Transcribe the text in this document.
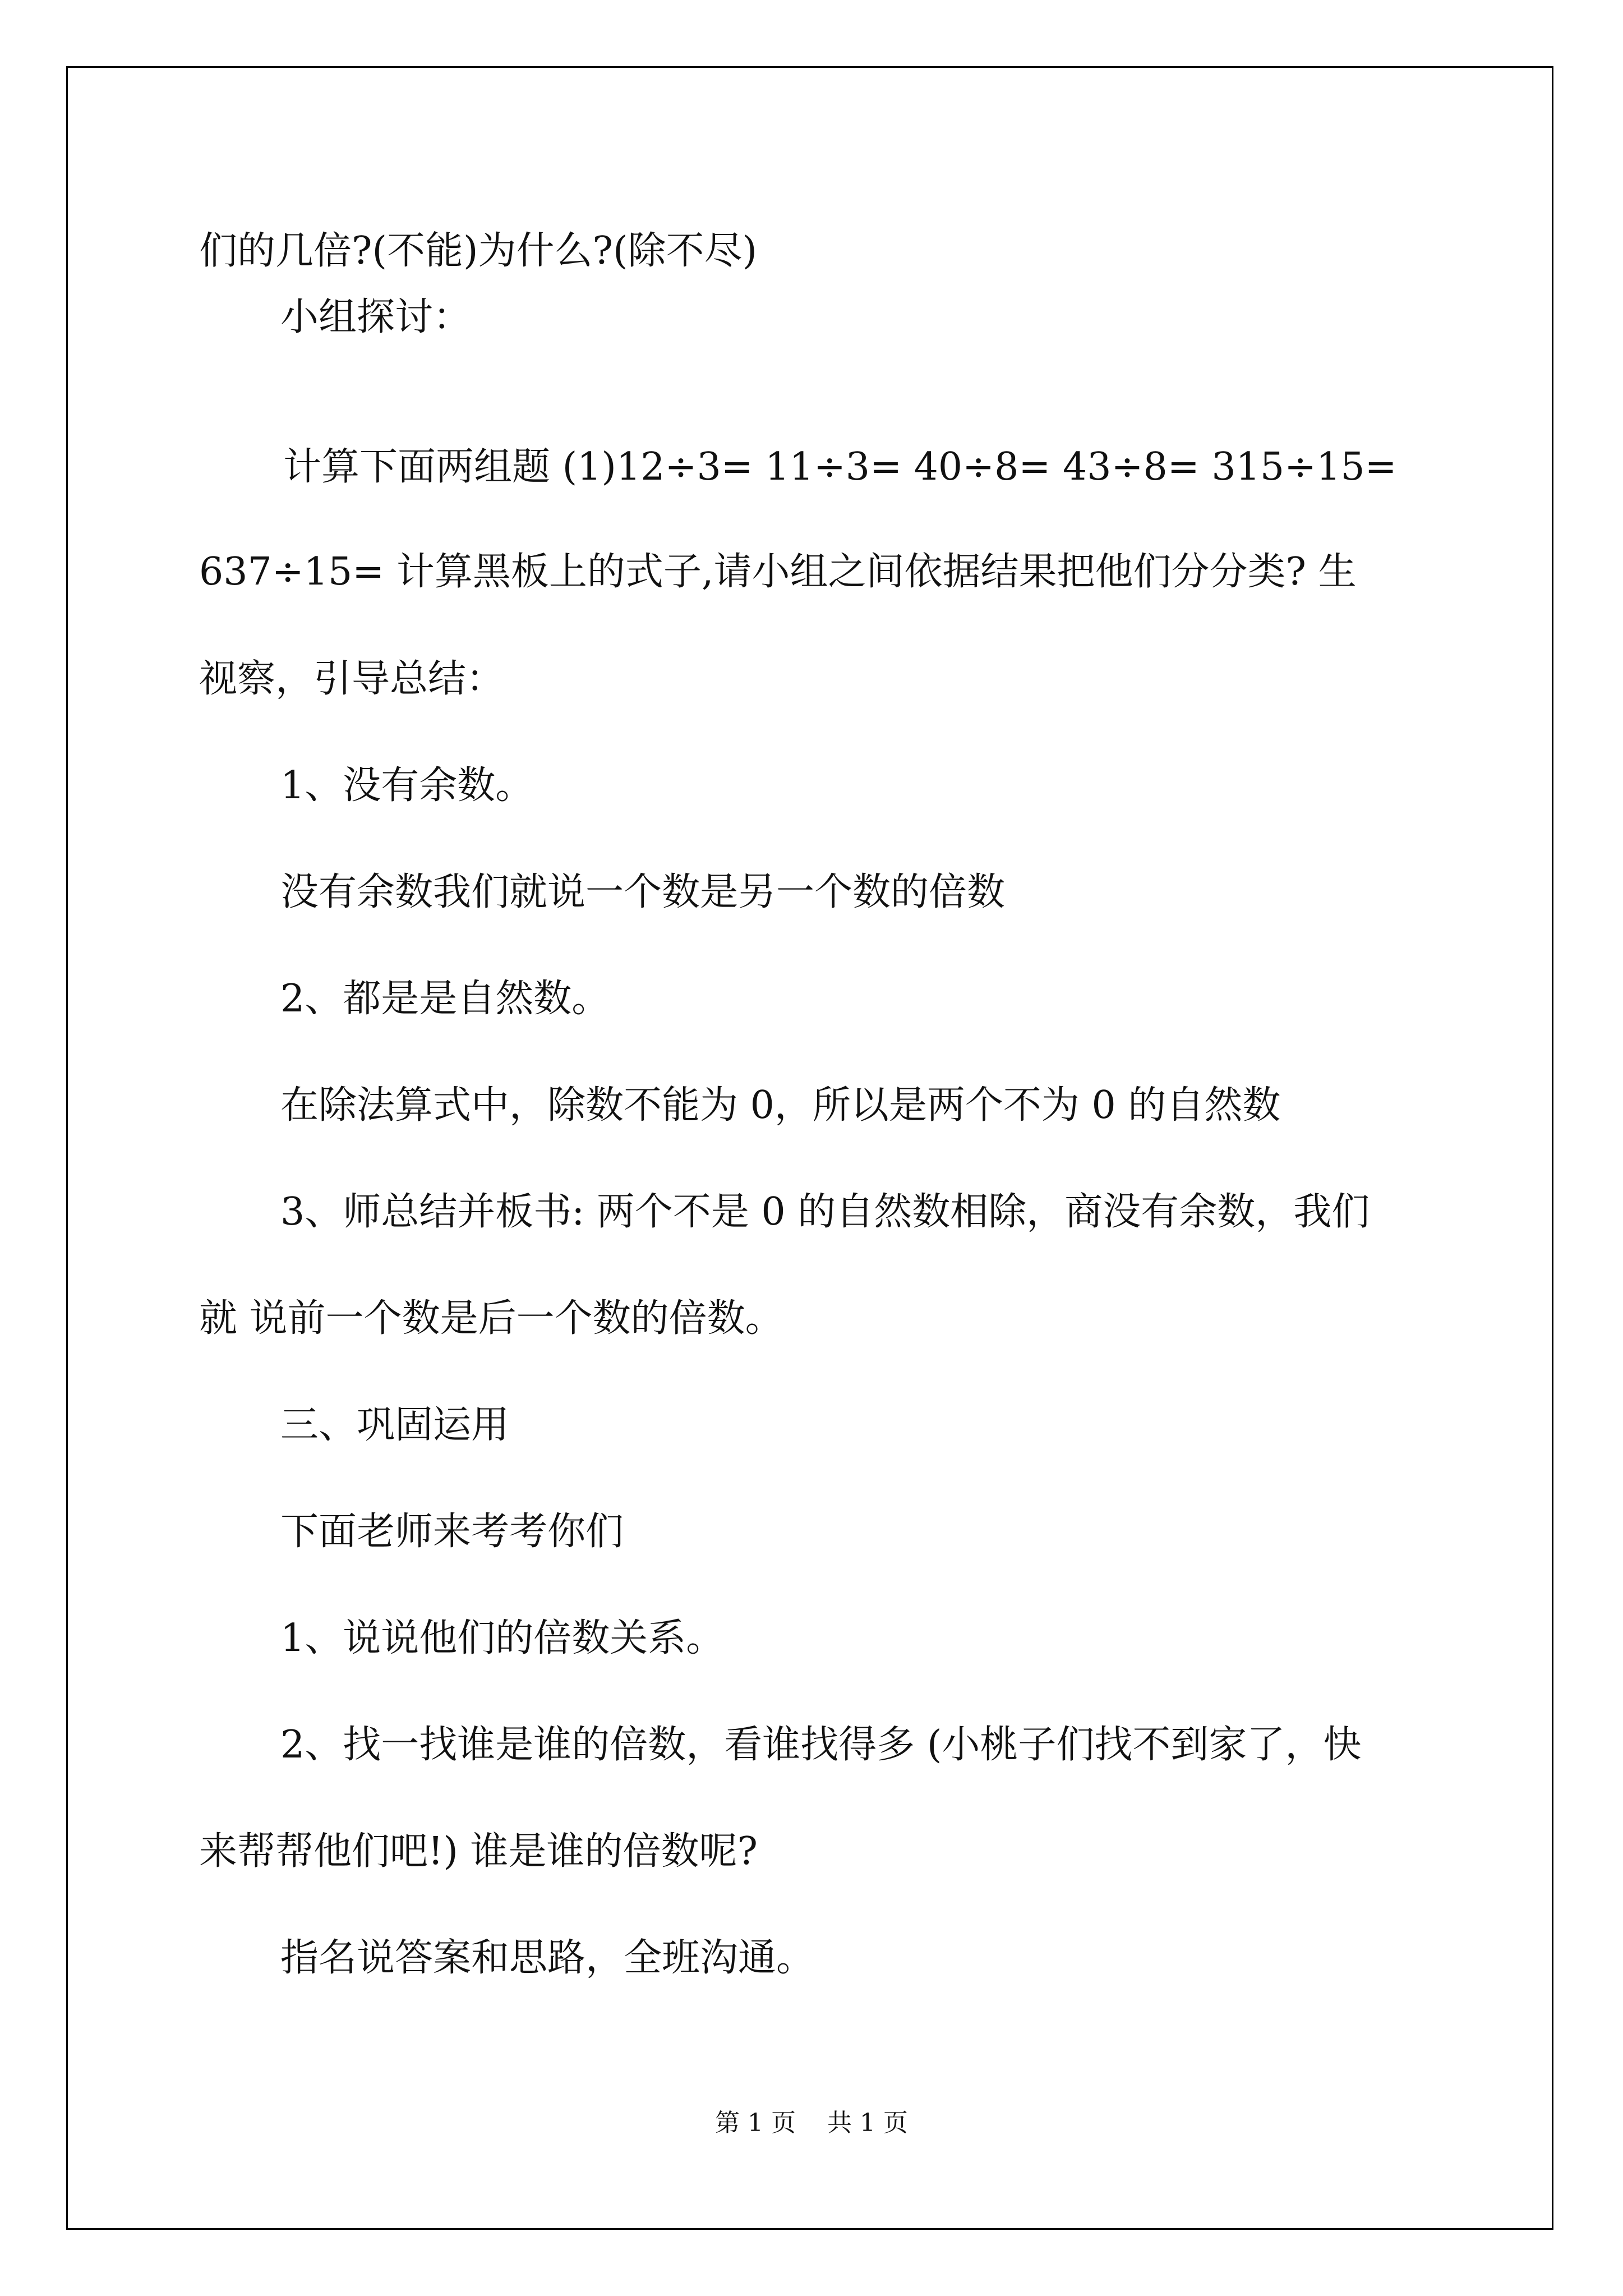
们的几倍?(不能)为什么?(除不尽)

小组探讨：

计算下面两组题 (1)12÷3= 11÷3= 40÷8= 43÷8= 315÷15=

637÷15= 计算黑板上的式子,请小组之间依据结果把他们分分类? 生

视察，引导总结：

1、没有余数。

没有余数我们就说一个数是另一个数的倍数

2、都是是自然数。

在除法算式中，除数不能为 0，所以是两个不为 0 的自然数

3、师总结并板书: 两个不是 0 的自然数相除，商没有余数，我们

就 说前一个数是后一个数的倍数。

三、巩固运用

下面老师来考考你们

1、说说他们的倍数关系。

2、找一找谁是谁的倍数，看谁找得多 (小桃子们找不到家了，快

来帮帮他们吧!) 谁是谁的倍数呢?

指名说答案和思路，全班沟通。

第 1 页    共 1 页
